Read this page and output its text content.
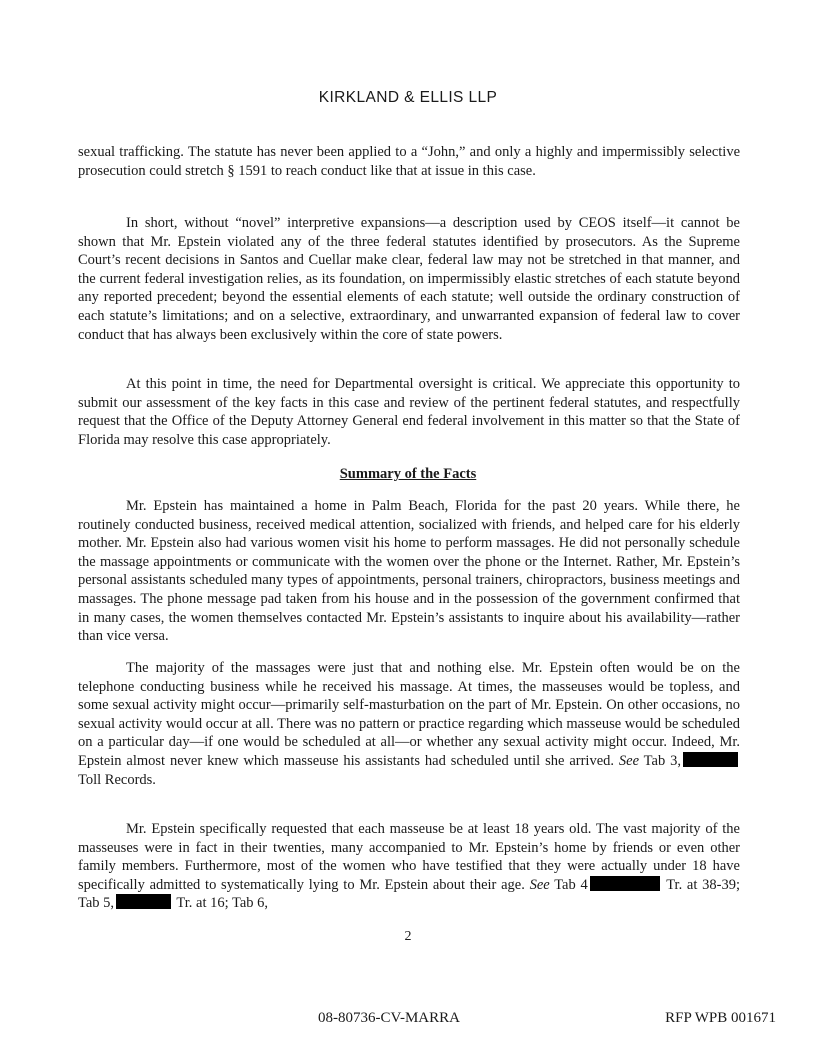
KIRKLAND & ELLIS LLP

sexual trafficking. The statute has never been applied to a “John,” and only a highly and impermissibly selective prosecution could stretch § 1591 to reach conduct like that at issue in this case.

In short, without “novel” interpretive expansions—a description used by CEOS itself—it cannot be shown that Mr. Epstein violated any of the three federal statutes identified by prosecutors. As the Supreme Court’s recent decisions in Santos and Cuellar make clear, federal law may not be stretched in that manner, and the current federal investigation relies, as its foundation, on impermissibly elastic stretches of each statute beyond any reported precedent; beyond the essential elements of each statute; well outside the ordinary construction of each statute’s limitations; and on a selective, extraordinary, and unwarranted expansion of federal law to cover conduct that has always been exclusively within the core of state powers.

At this point in time, the need for Departmental oversight is critical. We appreciate this opportunity to submit our assessment of the key facts in this case and review of the pertinent federal statutes, and respectfully request that the Office of the Deputy Attorney General end federal involvement in this matter so that the State of Florida may resolve this case appropriately.

Summary of the Facts

Mr. Epstein has maintained a home in Palm Beach, Florida for the past 20 years. While there, he routinely conducted business, received medical attention, socialized with friends, and helped care for his elderly mother. Mr. Epstein also had various women visit his home to perform massages. He did not personally schedule the massage appointments or communicate with the women over the phone or the Internet. Rather, Mr. Epstein’s personal assistants scheduled many types of appointments, personal trainers, chiropractors, business meetings and massages. The phone message pad taken from his house and in the possession of the government confirmed that in many cases, the women themselves contacted Mr. Epstein’s assistants to inquire about his availability—rather than vice versa.

The majority of the massages were just that and nothing else. Mr. Epstein often would be on the telephone conducting business while he received his massage. At times, the masseuses would be topless, and some sexual activity might occur—primarily self-masturbation on the part of Mr. Epstein. On other occasions, no sexual activity would occur at all. There was no pattern or practice regarding which masseuse would be scheduled on a particular day—if one would be scheduled at all—or whether any sexual activity might occur. Indeed, Mr. Epstein almost never knew which masseuse his assistants had scheduled until she arrived. See Tab 3, Toll Records.

Mr. Epstein specifically requested that each masseuse be at least 18 years old. The vast majority of the masseuses were in fact in their twenties, many accompanied to Mr. Epstein’s home by friends or even other family members. Furthermore, most of the women who have testified that they were actually under 18 have specifically admitted to systematically lying to Mr. Epstein about their age. See Tab 4	Tr. at 38-39; Tab 5,	Tr. at 16; Tab 6,

2
08-80736-CV-MARRA	RFP WPB 001671
